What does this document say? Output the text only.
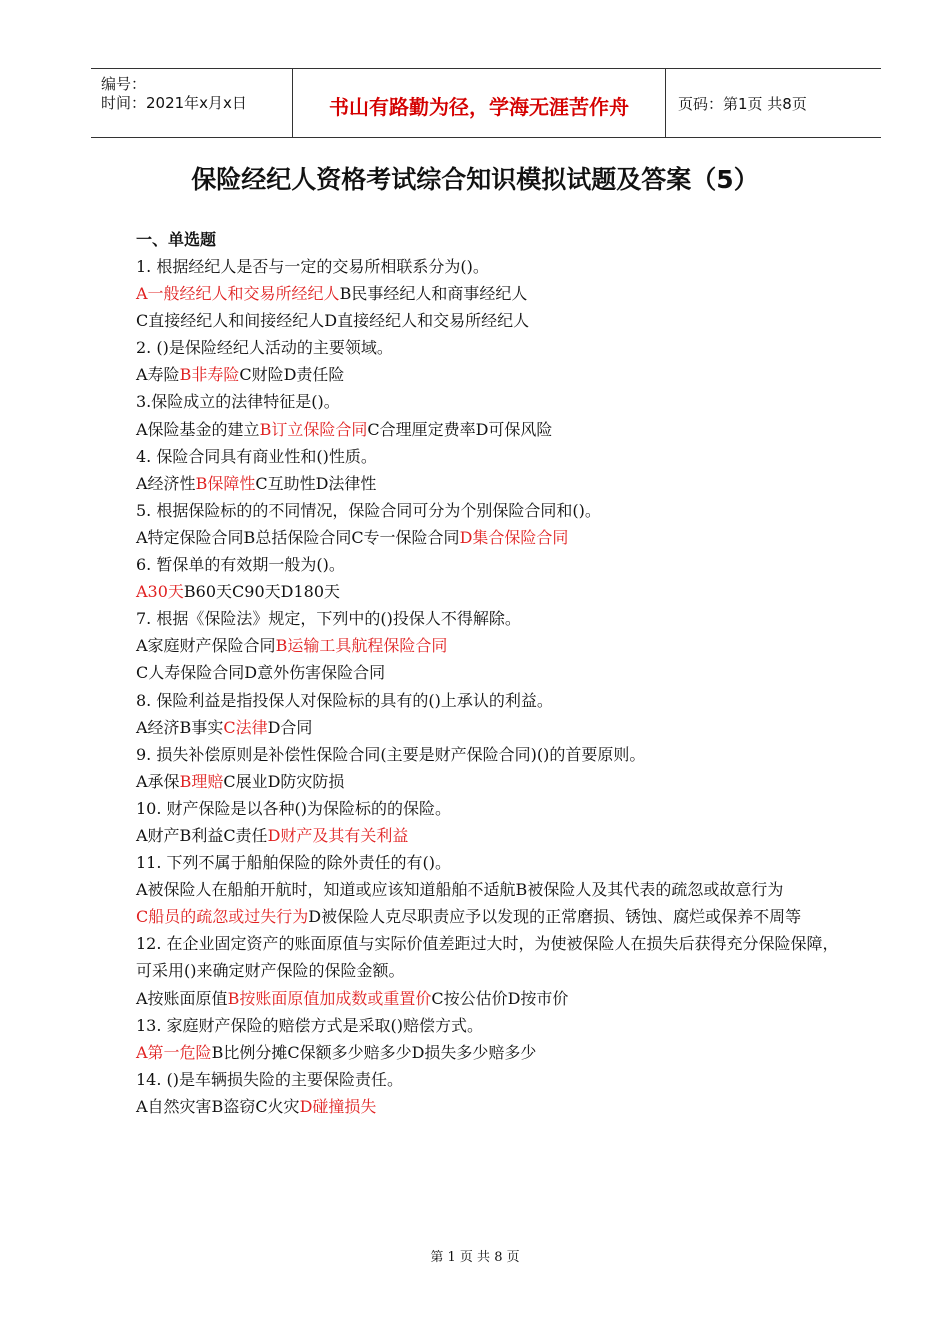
编号：
时间：2021年x月x日	书山有路勤为径，学海无涯苦作舟	页码：第1页 共8页
保险经纪人资格考试综合知识模拟试题及答案（5）
一、单选题
1. 根据经纪人是否与一定的交易所相联系分为()。
A一般经纪人和交易所经纪人B民事经纪人和商事经纪人
C直接经纪人和间接经纪人D直接经纪人和交易所经纪人
2. ()是保险经纪人活动的主要领域。
A寿险B非寿险C财险D责任险
3.保险成立的法律特征是()。
A保险基金的建立B订立保险合同C合理厘定费率D可保风险
4. 保险合同具有商业性和()性质。
A经济性B保障性C互助性D法律性
5. 根据保险标的的不同情况，保险合同可分为个别保险合同和()。
A特定保险合同B总括保险合同C专一保险合同D集合保险合同
6. 暂保单的有效期一般为()。
A30天B60天C90天D180天
7. 根据《保险法》规定，下列中的()投保人不得解除。
A家庭财产保险合同B运输工具航程保险合同
C人寿保险合同D意外伤害保险合同
8. 保险利益是指投保人对保险标的具有的()上承认的利益。
A经济B事实C法律D合同
9. 损失补偿原则是补偿性保险合同(主要是财产保险合同)()的首要原则。
A承保B理赔C展业D防灾防损
10. 财产保险是以各种()为保险标的的保险。
A财产B利益C责任D财产及其有关利益
11. 下列不属于船舶保险的除外责任的有()。
A被保险人在船舶开航时，知道或应该知道船舶不适航B被保险人及其代表的疏忽或故意行为
C船员的疏忽或过失行为D被保险人克尽职责应予以发现的正常磨损、锈蚀、腐烂或保养不周等
12. 在企业固定资产的账面原值与实际价值差距过大时，为使被保险人在损失后获得充分保险保障，可采用()来确定财产保险的保险金额。
A按账面原值B按账面原值加成数或重置价C按公估价D按市价
13. 家庭财产保险的赔偿方式是采取()赔偿方式。
A第一危险B比例分摊C保额多少赔多少D损失多少赔多少
14. ()是车辆损失险的主要保险责任。
A自然灾害B盗窃C火灾D碰撞损失
第 1 页 共 8 页
